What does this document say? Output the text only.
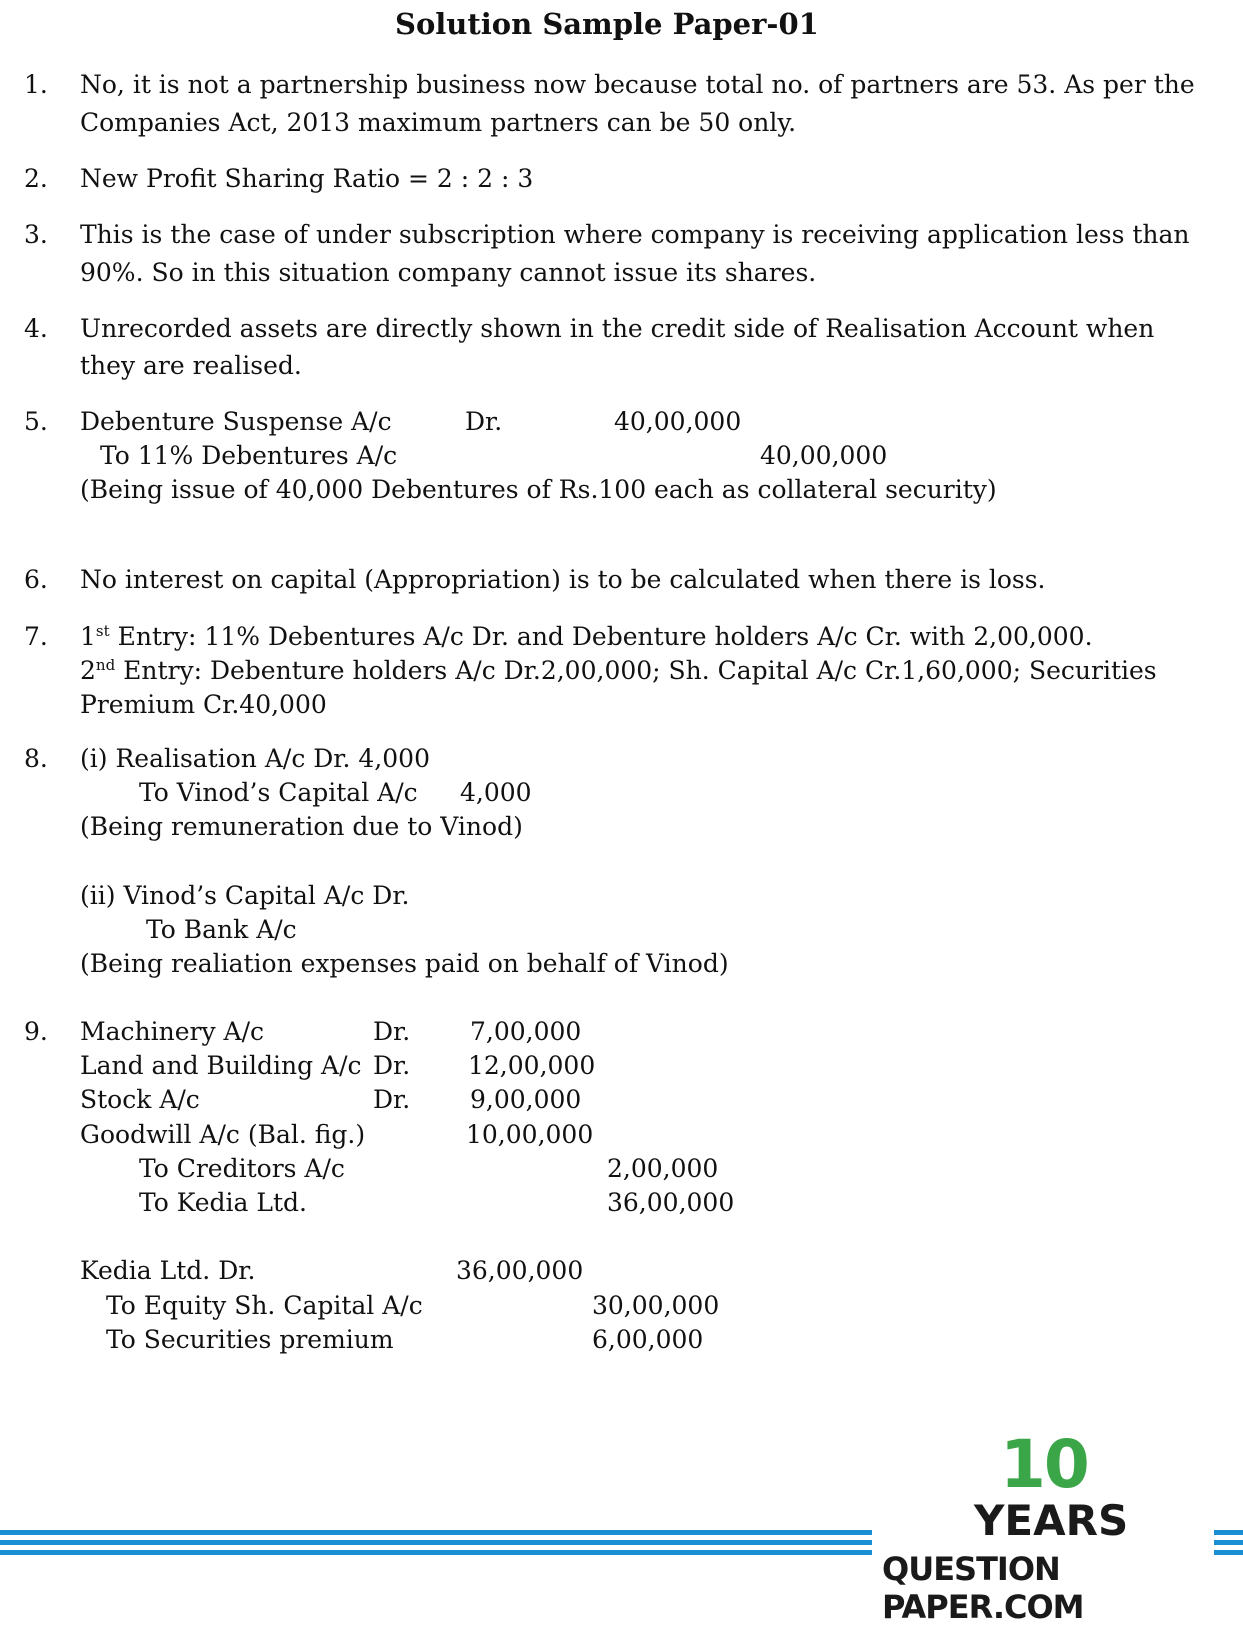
Solution Sample Paper-01
1. No, it is not a partnership business now because total no. of partners are 53. As per the
Companies Act, 2013 maximum partners can be 50 only.
2. New Profit Sharing Ratio = 2 : 2 : 3
3. This is the case of under subscription where company is receiving application less than
90%. So in this situation company cannot issue its shares.
4. Unrecorded assets are directly shown in the credit side of Realisation Account when
they are realised.
5. Debenture Suspense A/c	Dr.	40,00,000
To 11% Debentures A/c	40,00,000
(Being issue of 40,000 Debentures of Rs.100 each as collateral security)
6. No interest on capital (Appropriation) is to be calculated when there is loss.
7. 1st Entry: 11% Debentures A/c Dr. and Debenture holders A/c Cr. with 2,00,000.
2nd Entry: Debenture holders A/c Dr.2,00,000; Sh. Capital A/c Cr.1,60,000; Securities
Premium Cr.40,000
8. (i) Realisation A/c Dr. 4,000
To Vinod’s Capital A/c 4,000
(Being remuneration due to Vinod)
(ii) Vinod’s Capital A/c Dr.
To Bank A/c
(Being realiation expenses paid on behalf of Vinod)
9. Machinery A/c	Dr. 7,00,000
Land and Building A/c Dr. 12,00,000
Stock A/c	Dr. 9,00,000
Goodwill A/c (Bal. fig.)	10,00,000
To Creditors A/c	2,00,000
To Kedia Ltd.	36,00,000
Kedia Ltd. Dr.	36,00,000
To Equity Sh. Capital A/c	30,00,000
To Securities premium	6,00,000
10
YEARS
QUESTION PAPER.COM
